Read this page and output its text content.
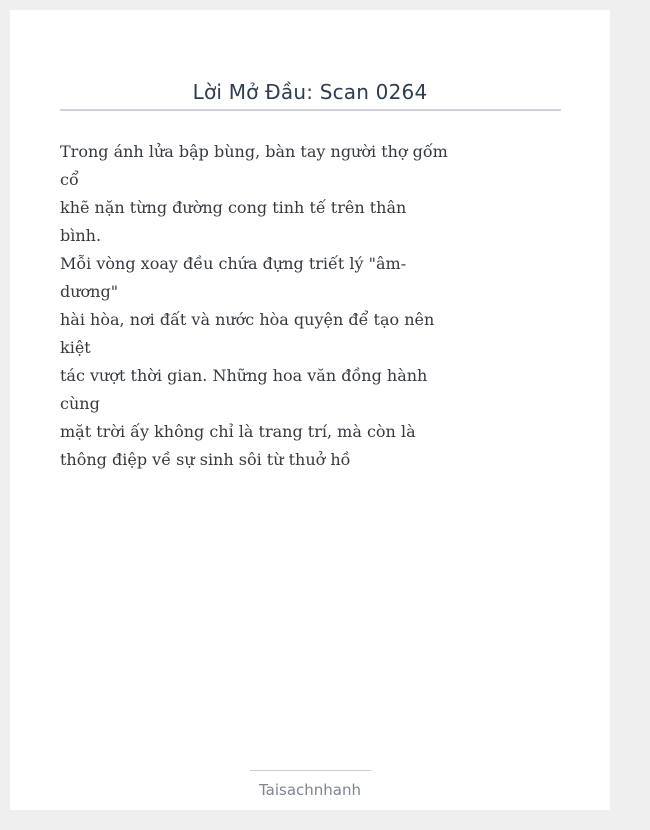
Lời Mở Đầu: Scan 0264
Trong ánh lửa bập bùng, bàn tay người thợ gốm
cổ
khẽ nặn từng đường cong tinh tế trên thân
bình.
Mỗi vòng xoay đều chứa đựng triết lý "âm-
dương"
hài hòa, nơi đất và nước hòa quyện để tạo nên
kiệt
tác vượt thời gian. Những hoa văn đồng hành
cùng
mặt trời ấy không chỉ là trang trí, mà còn là
thông điệp về sự sinh sôi từ thuở hồ
Taisachnhanh
